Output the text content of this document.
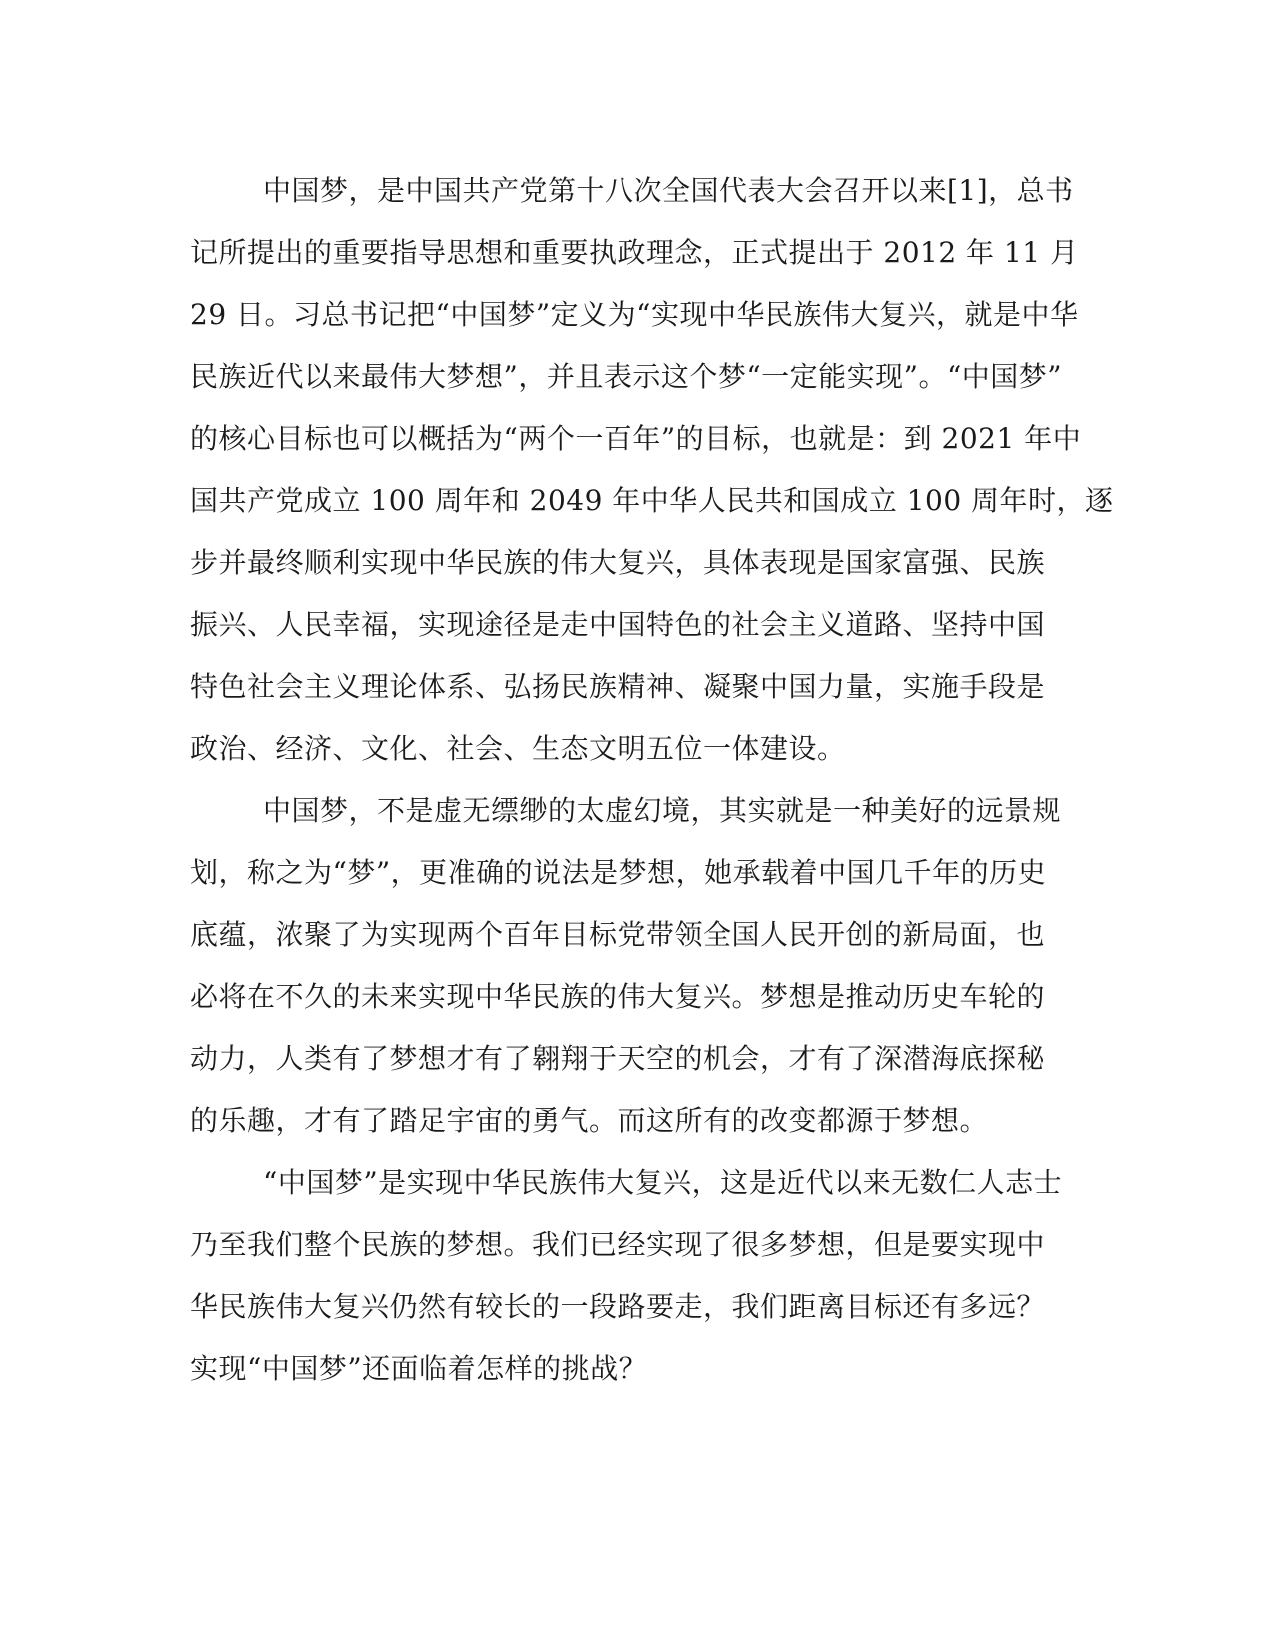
中国梦，是中国共产党第十八次全国代表大会召开以来[1]，总书
记所提出的重要指导思想和重要执政理念，正式提出于 2012 年 11 月
29 日。习总书记把“中国梦”定义为“实现中华民族伟大复兴，就是中华
民族近代以来最伟大梦想”，并且表示这个梦“一定能实现”。“中国梦”
的核心目标也可以概括为“两个一百年”的目标，也就是：到 2021 年中
国共产党成立 100 周年和 2049 年中华人民共和国成立 100 周年时，逐
步并最终顺利实现中华民族的伟大复兴，具体表现是国家富强、民族
振兴、人民幸福，实现途径是走中国特色的社会主义道路、坚持中国
特色社会主义理论体系、弘扬民族精神、凝聚中国力量，实施手段是
政治、经济、文化、社会、生态文明五位一体建设。
中国梦，不是虚无缥缈的太虚幻境，其实就是一种美好的远景规
划，称之为“梦”，更准确的说法是梦想，她承载着中国几千年的历史
底蕴，浓聚了为实现两个百年目标党带领全国人民开创的新局面，也
必将在不久的未来实现中华民族的伟大复兴。梦想是推动历史车轮的
动力，人类有了梦想才有了翱翔于天空的机会，才有了深潜海底探秘
的乐趣，才有了踏足宇宙的勇气。而这所有的改变都源于梦想。
“中国梦”是实现中华民族伟大复兴，这是近代以来无数仁人志士
乃至我们整个民族的梦想。我们已经实现了很多梦想，但是要实现中
华民族伟大复兴仍然有较长的一段路要走，我们距离目标还有多远？
实现“中国梦”还面临着怎样的挑战？
